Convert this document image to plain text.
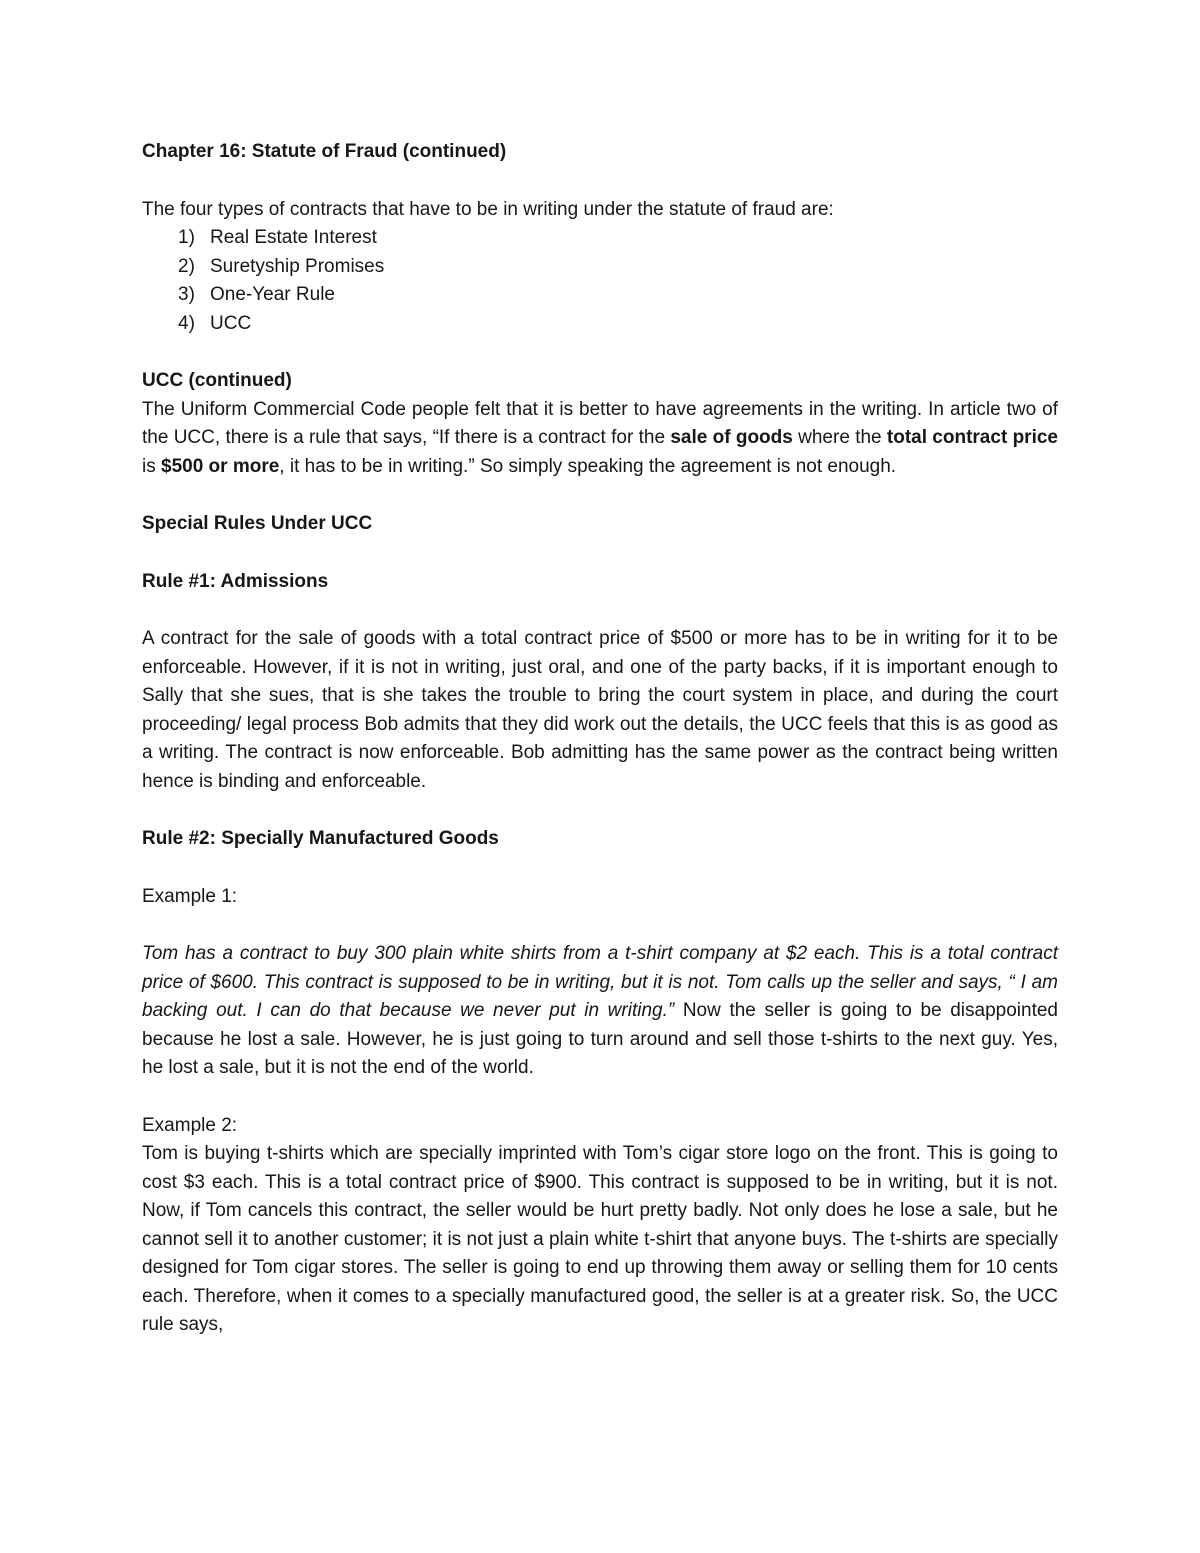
Chapter 16: Statute of Fraud (continued)

The four types of contracts that have to be in writing under the statute of fraud are:

1) Real Estate Interest
2) Suretyship Promises
3) One-Year Rule
4) UCC
UCC (continued)

The Uniform Commercial Code people felt that it is better to have agreements in the writing. In article two of the UCC, there is a rule that says, “If there is a contract for the sale of goods where the total contract price is $500 or more, it has to be in writing.” So simply speaking the agreement is not enough.

Special Rules Under UCC
Rule #1: Admissions

A contract for the sale of goods with a total contract price of $500 or more has to be in writing for it to be enforceable. However, if it is not in writing, just oral, and one of the party backs, if it is important enough to Sally that she sues, that is she takes the trouble to bring the court system in place, and during the court proceeding/ legal process Bob admits that they did work out the details, the UCC feels that this is as good as a writing. The contract is now enforceable. Bob admitting has the same power as the contract being written hence is binding and enforceable.

Rule #2: Specially Manufactured Goods

Example 1:

Tom has a contract to buy 300 plain white shirts from a t-shirt company at $2 each. This is a total contract price of $600. This contract is supposed to be in writing, but it is not. Tom calls up the seller and says, “ I am backing out. I can do that because we never put in writing.” Now the seller is going to be disappointed because he lost a sale. However, he is just going to turn around and sell those t-shirts to the next guy. Yes, he lost a sale, but it is not the end of the world.

Example 2:

Tom is buying t-shirts which are specially imprinted with Tom’s cigar store logo on the front. This is going to cost $3 each. This is a total contract price of $900. This contract is supposed to be in writing, but it is not. Now, if Tom cancels this contract, the seller would be hurt pretty badly. Not only does he lose a sale, but he cannot sell it to another customer; it is not just a plain white t-shirt that anyone buys. The t-shirts are specially designed for Tom cigar stores. The seller is going to end up throwing them away or selling them for 10 cents each. Therefore, when it comes to a specially manufactured good, the seller is at a greater risk. So, the UCC rule says,
